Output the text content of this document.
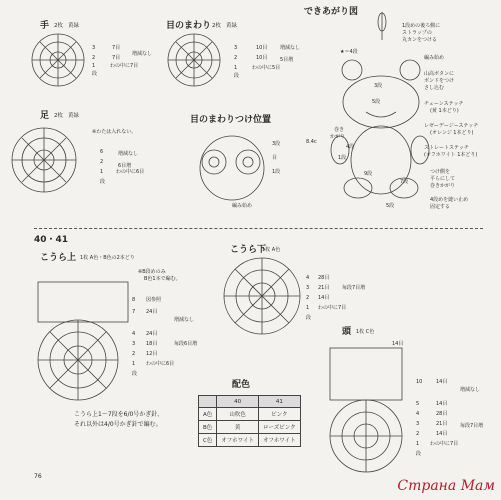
手 2枚 黄緑
3	7目
増減なし
2	7目
1	わの中に7目
段
目のまわり 2枚 黄緑
3	10目	増減なし
2	10目	5目増
1	わの中に5目
段
できあがり図
1段めの後ろ側に
ストラップの
丸カンをつける
編み始め
山高ボタンに
ボンドをつけ
さし込む
チェーンステッチ
(黄 1本どり)
レゼーデージーステッチ
(オレンジ 1本どり)
ストレートステッチ
(オフホワイト 1本どり)
つけ側を
平らにして
巻きかがり
4段めを縫い止め
固定する
★＝4段
3段
5段
巻き
かがり
8.4c
4段
1段
9段
7段
5段
足 2枚 黄緑
※わたは入れない。
6	増減なし
2
6目増
1	わの中に6目
段
目のまわりつけ位置
3段
目
1段
編み始め
40・41
こうら上 1枚 A色・B色の2本どり
※B段めのみ
B色1本で編む。
8 図参照
7 24目
増減なし
4 24目
3 18目	毎段6目増
2 12目
1 わの中に6目
段
こうら下
1枚 A色
4 28目
3 21目	毎段7目増
2 14目
1 わの中に7目
段
頭 1枚 C色
14目
10	14目
増減なし
5	14目
4	28目
3	21目	毎段7目増
2	14目
1 わの中に7目
段
配色
	40	41
A色	山吹色	ピンク
B色	黄	ローズピンク
C色	オフホワイト	オフホワイト
こうら上1～7段を6/0号かぎ針、
それ以外は4/0号かぎ針で編む。
76
Страна Мам
